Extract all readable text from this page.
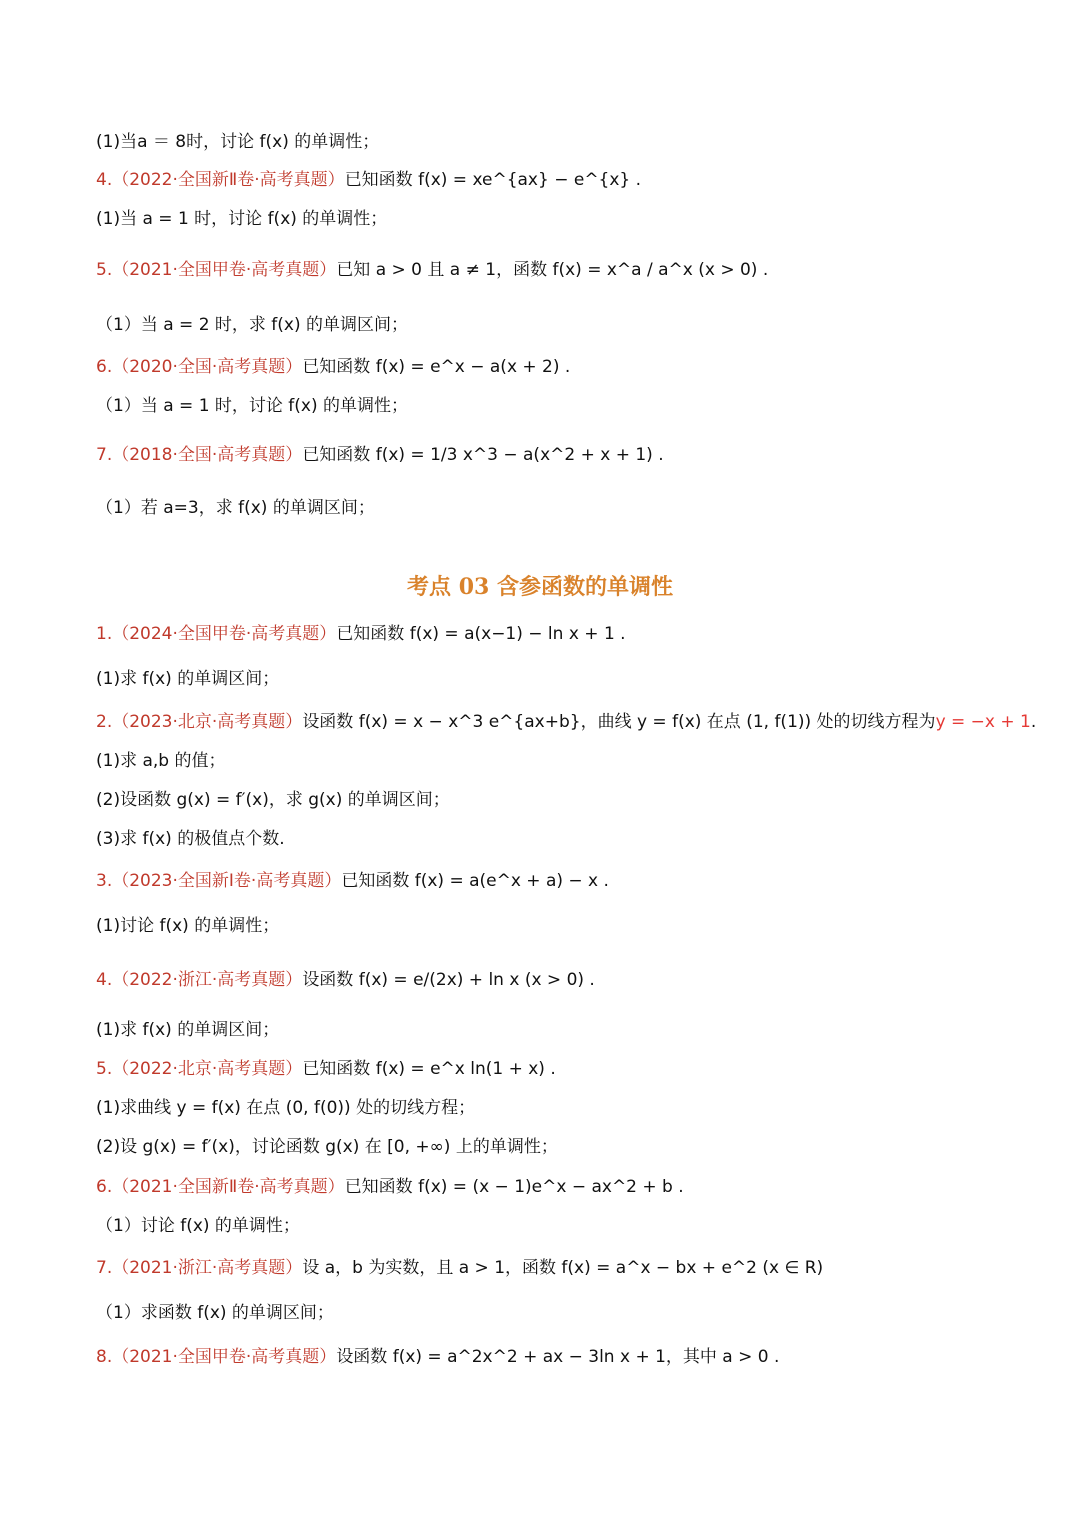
(1)当a ＝ 8时，讨论 f(x) 的单调性；
4.（2022·全国新Ⅱ卷·高考真题）已知函数 f(x) = xe^{ax} − e^{x} .
(1)当 a = 1 时，讨论 f(x) 的单调性；
5.（2021·全国甲卷·高考真题）已知 a > 0 且 a ≠ 1，函数 f(x) = x^a / a^x (x > 0) .
（1）当 a = 2 时，求 f(x) 的单调区间；
6.（2020·全国·高考真题）已知函数 f(x) = e^x − a(x + 2) .
（1）当 a = 1 时，讨论 f(x) 的单调性；
7.（2018·全国·高考真题）已知函数 f(x) = 1/3 x^3 − a(x^2 + x + 1) .
（1）若 a=3，求 f(x) 的单调区间；
考点 03 含参函数的单调性
1.（2024·全国甲卷·高考真题）已知函数 f(x) = a(x−1) − ln x + 1 .
(1)求 f(x) 的单调区间；
2.（2023·北京·高考真题）设函数 f(x) = x − x^3 e^{ax+b}，曲线 y = f(x) 在点 (1, f(1)) 处的切线方程为y = −x + 1.
(1)求 a,b 的值；
(2)设函数 g(x) = f′(x)，求 g(x) 的单调区间；
(3)求 f(x) 的极值点个数.
3.（2023·全国新Ⅰ卷·高考真题）已知函数 f(x) = a(e^x + a) − x .
(1)讨论 f(x) 的单调性；
4.（2022·浙江·高考真题）设函数 f(x) = e/(2x) + ln x (x > 0) .
(1)求 f(x) 的单调区间；
5.（2022·北京·高考真题）已知函数 f(x) = e^x ln(1 + x) .
(1)求曲线 y = f(x) 在点 (0, f(0)) 处的切线方程；
(2)设 g(x) = f′(x)，讨论函数 g(x) 在 [0, +∞) 上的单调性；
6.（2021·全国新Ⅱ卷·高考真题）已知函数 f(x) = (x − 1)e^x − ax^2 + b .
（1）讨论 f(x) 的单调性；
7.（2021·浙江·高考真题）设 a，b 为实数，且 a > 1，函数 f(x) = a^x − bx + e^2 (x ∈ R)
（1）求函数 f(x) 的单调区间；
8.（2021·全国甲卷·高考真题）设函数 f(x) = a^2x^2 + ax − 3ln x + 1，其中 a > 0 .
